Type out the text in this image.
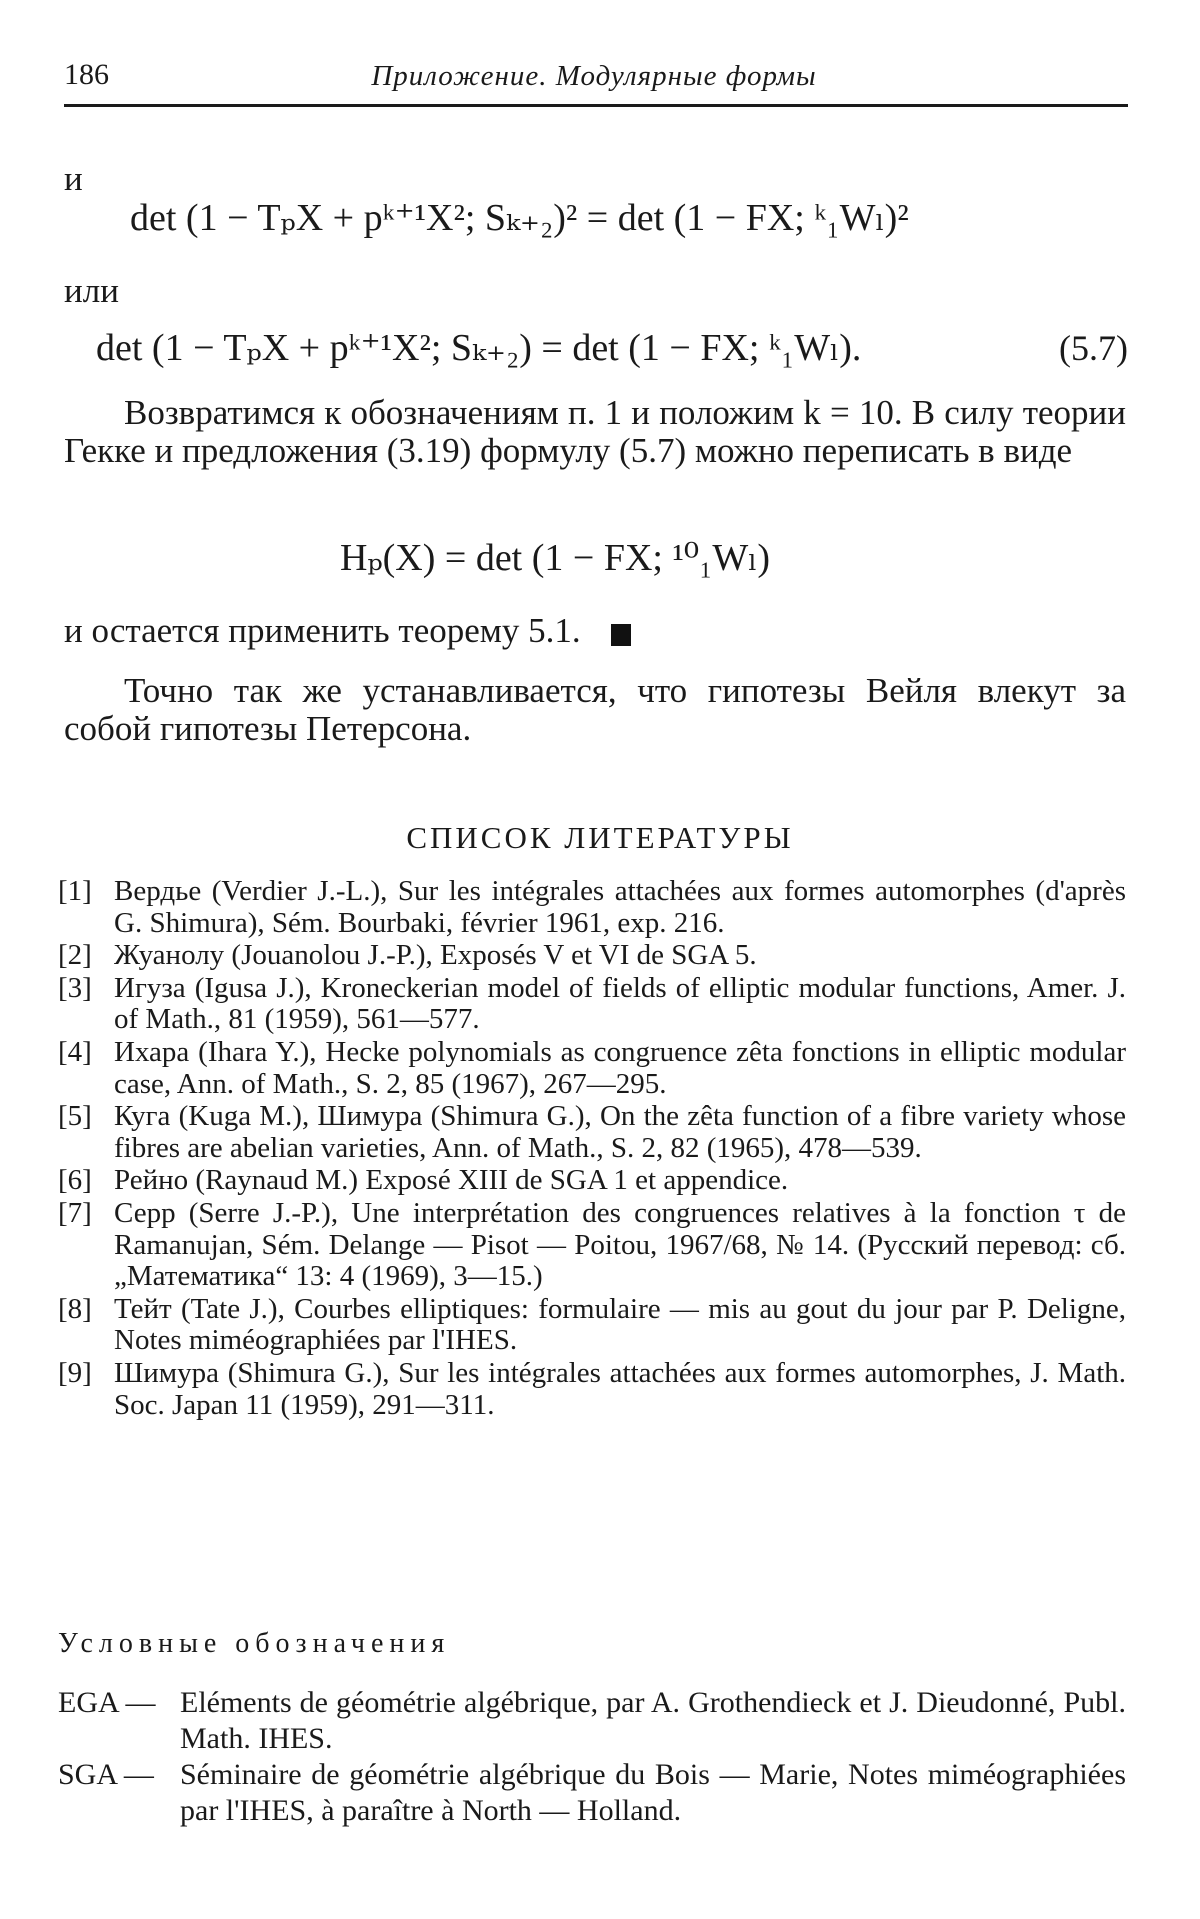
186	Приложение. Модулярные формы
и
det (1 − TₚX + pᵏ⁺¹X²; Sₖ₊₂)² = det (1 − FX; ᵏ₁Wₗ)²
или
det (1 − TₚX + pᵏ⁺¹X²; Sₖ₊₂) = det (1 − FX; ᵏ₁Wₗ).	(5.7)
Возвратимся к обозначениям п. 1 и положим k = 10. В силу теории Гекке и предложения (3.19) формулу (5.7) можно переписать в виде
Hₚ(X) = det (1 − FX; ¹⁰₁Wₗ)
и остается применить теорему 5.1.
Точно так же устанавливается, что гипотезы Вейля влекут за собой гипотезы Петерсона.
СПИСОК ЛИТЕРАТУРЫ
[1] Вердье (Verdier J.-L.), Sur les intégrales attachées aux formes automorphes (d'après G. Shimura), Sém. Bourbaki, février 1961, exp. 216.
[2] Жуанолу (Jouanolou J.-P.), Exposés V et VI de SGA 5.
[3] Игуза (Igusa J.), Kroneckerian model of fields of elliptic modular functions, Amer. J. of Math., 81 (1959), 561—577.
[4] Ихара (Ihara Y.), Hecke polynomials as congruence zêta fonctions in elliptic modular case, Ann. of Math., S. 2, 85 (1967), 267—295.
[5] Куга (Kuga M.), Шимура (Shimura G.), On the zêta function of a fibre variety whose fibres are abelian varieties, Ann. of Math., S. 2, 82 (1965), 478—539.
[6] Рейно (Raynaud M.) Exposé XIII de SGA 1 et appendice.
[7] Серр (Serre J.-P.), Une interprétation des congruences relatives à la fonction τ de Ramanujan, Sém. Delange — Pisot — Poitou, 1967/68, № 14. (Русский перевод: сб. „Математика“ 13: 4 (1969), 3—15.)
[8] Тейт (Tate J.), Courbes elliptiques: formulaire — mis au gout du jour par P. Deligne, Notes miméographiées par l'IHES.
[9] Шимура (Shimura G.), Sur les intégrales attachées aux formes automorphes, J. Math. Soc. Japan 11 (1959), 291—311.
Условные обозначения
EGA — Eléments de géométrie algébrique, par A. Grothendieck et J. Dieudonné, Publ. Math. IHES.
SGA — Séminaire de géométrie algébrique du Bois — Marie, Notes miméographiées par l'IHES, à paraître à North — Holland.
